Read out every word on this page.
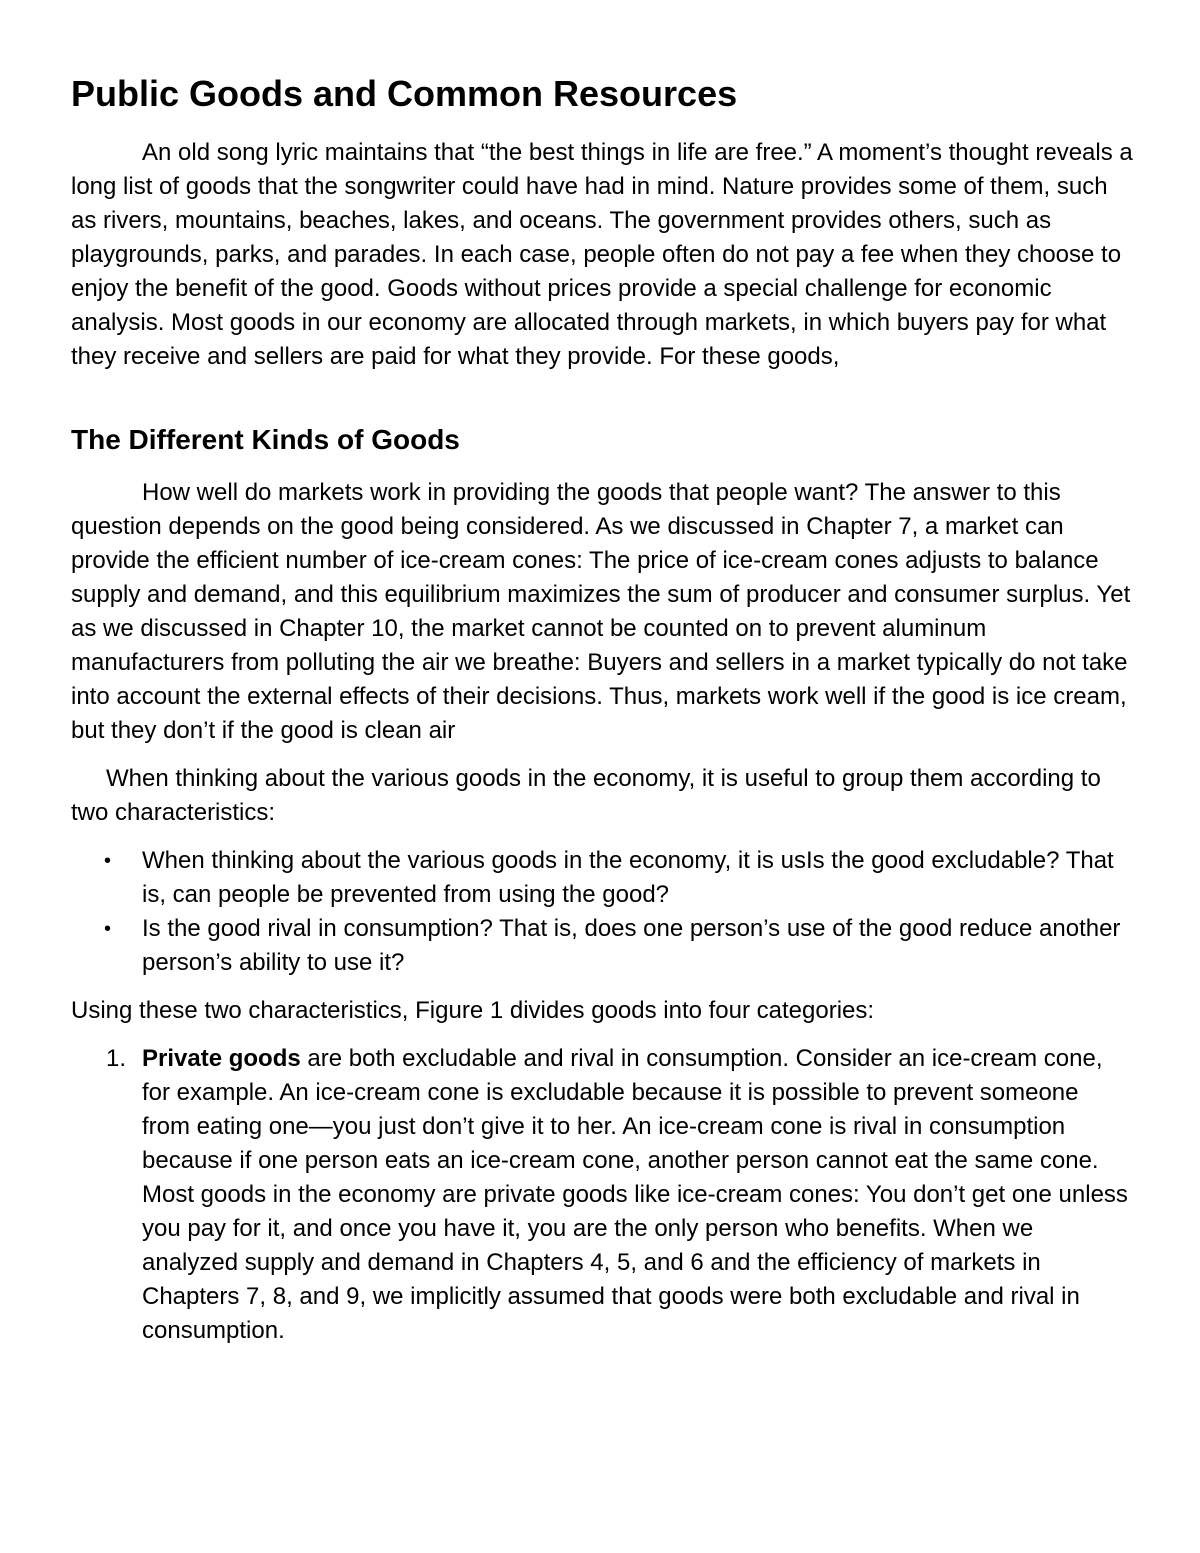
Public Goods and Common Resources

An old song lyric maintains that “the best things in life are free.” A moment’s thought reveals a long list of goods that the songwriter could have had in mind. Nature provides some of them, such as rivers, mountains, beaches, lakes, and oceans. The government provides others, such as playgrounds, parks, and parades. In each case, people often do not pay a fee when they choose to enjoy the benefit of the good. Goods without prices provide a special challenge for economic analysis. Most goods in our economy are allocated through markets, in which buyers pay for what they receive and sellers are paid for what they provide. For these goods,

The Different Kinds of Goods

How well do markets work in providing the goods that people want? The answer to this question depends on the good being considered. As we discussed in Chapter 7, a market can provide the efficient number of ice-cream cones: The price of ice-cream cones adjusts to balance supply and demand, and this equilibrium maximizes the sum of producer and consumer surplus. Yet as we discussed in Chapter 10, the market cannot be counted on to prevent aluminum manufacturers from polluting the air we breathe: Buyers and sellers in a market typically do not take into account the external effects of their decisions. Thus, markets work well if the good is ice cream, but they don’t if the good is clean air

When thinking about the various goods in the economy, it is useful to group them according to two characteristics:

• When thinking about the various goods in the economy, it is usIs the good excludable? That is, can people be prevented from using the good?
• Is the good rival in consumption? That is, does one person’s use of the good reduce another person’s ability to use it?

Using these two characteristics, Figure 1 divides goods into four categories:

1. Private goods are both excludable and rival in consumption. Consider an ice-cream cone, for example. An ice-cream cone is excludable because it is possible to prevent someone from eating one—you just don’t give it to her. An ice-cream cone is rival in consumption because if one person eats an ice-cream cone, another person cannot eat the same cone. Most goods in the economy are private goods like ice-cream cones: You don’t get one unless you pay for it, and once you have it, you are the only person who benefits. When we analyzed supply and demand in Chapters 4, 5, and 6 and the efficiency of markets in Chapters 7, 8, and 9, we implicitly assumed that goods were both excludable and rival in consumption.
